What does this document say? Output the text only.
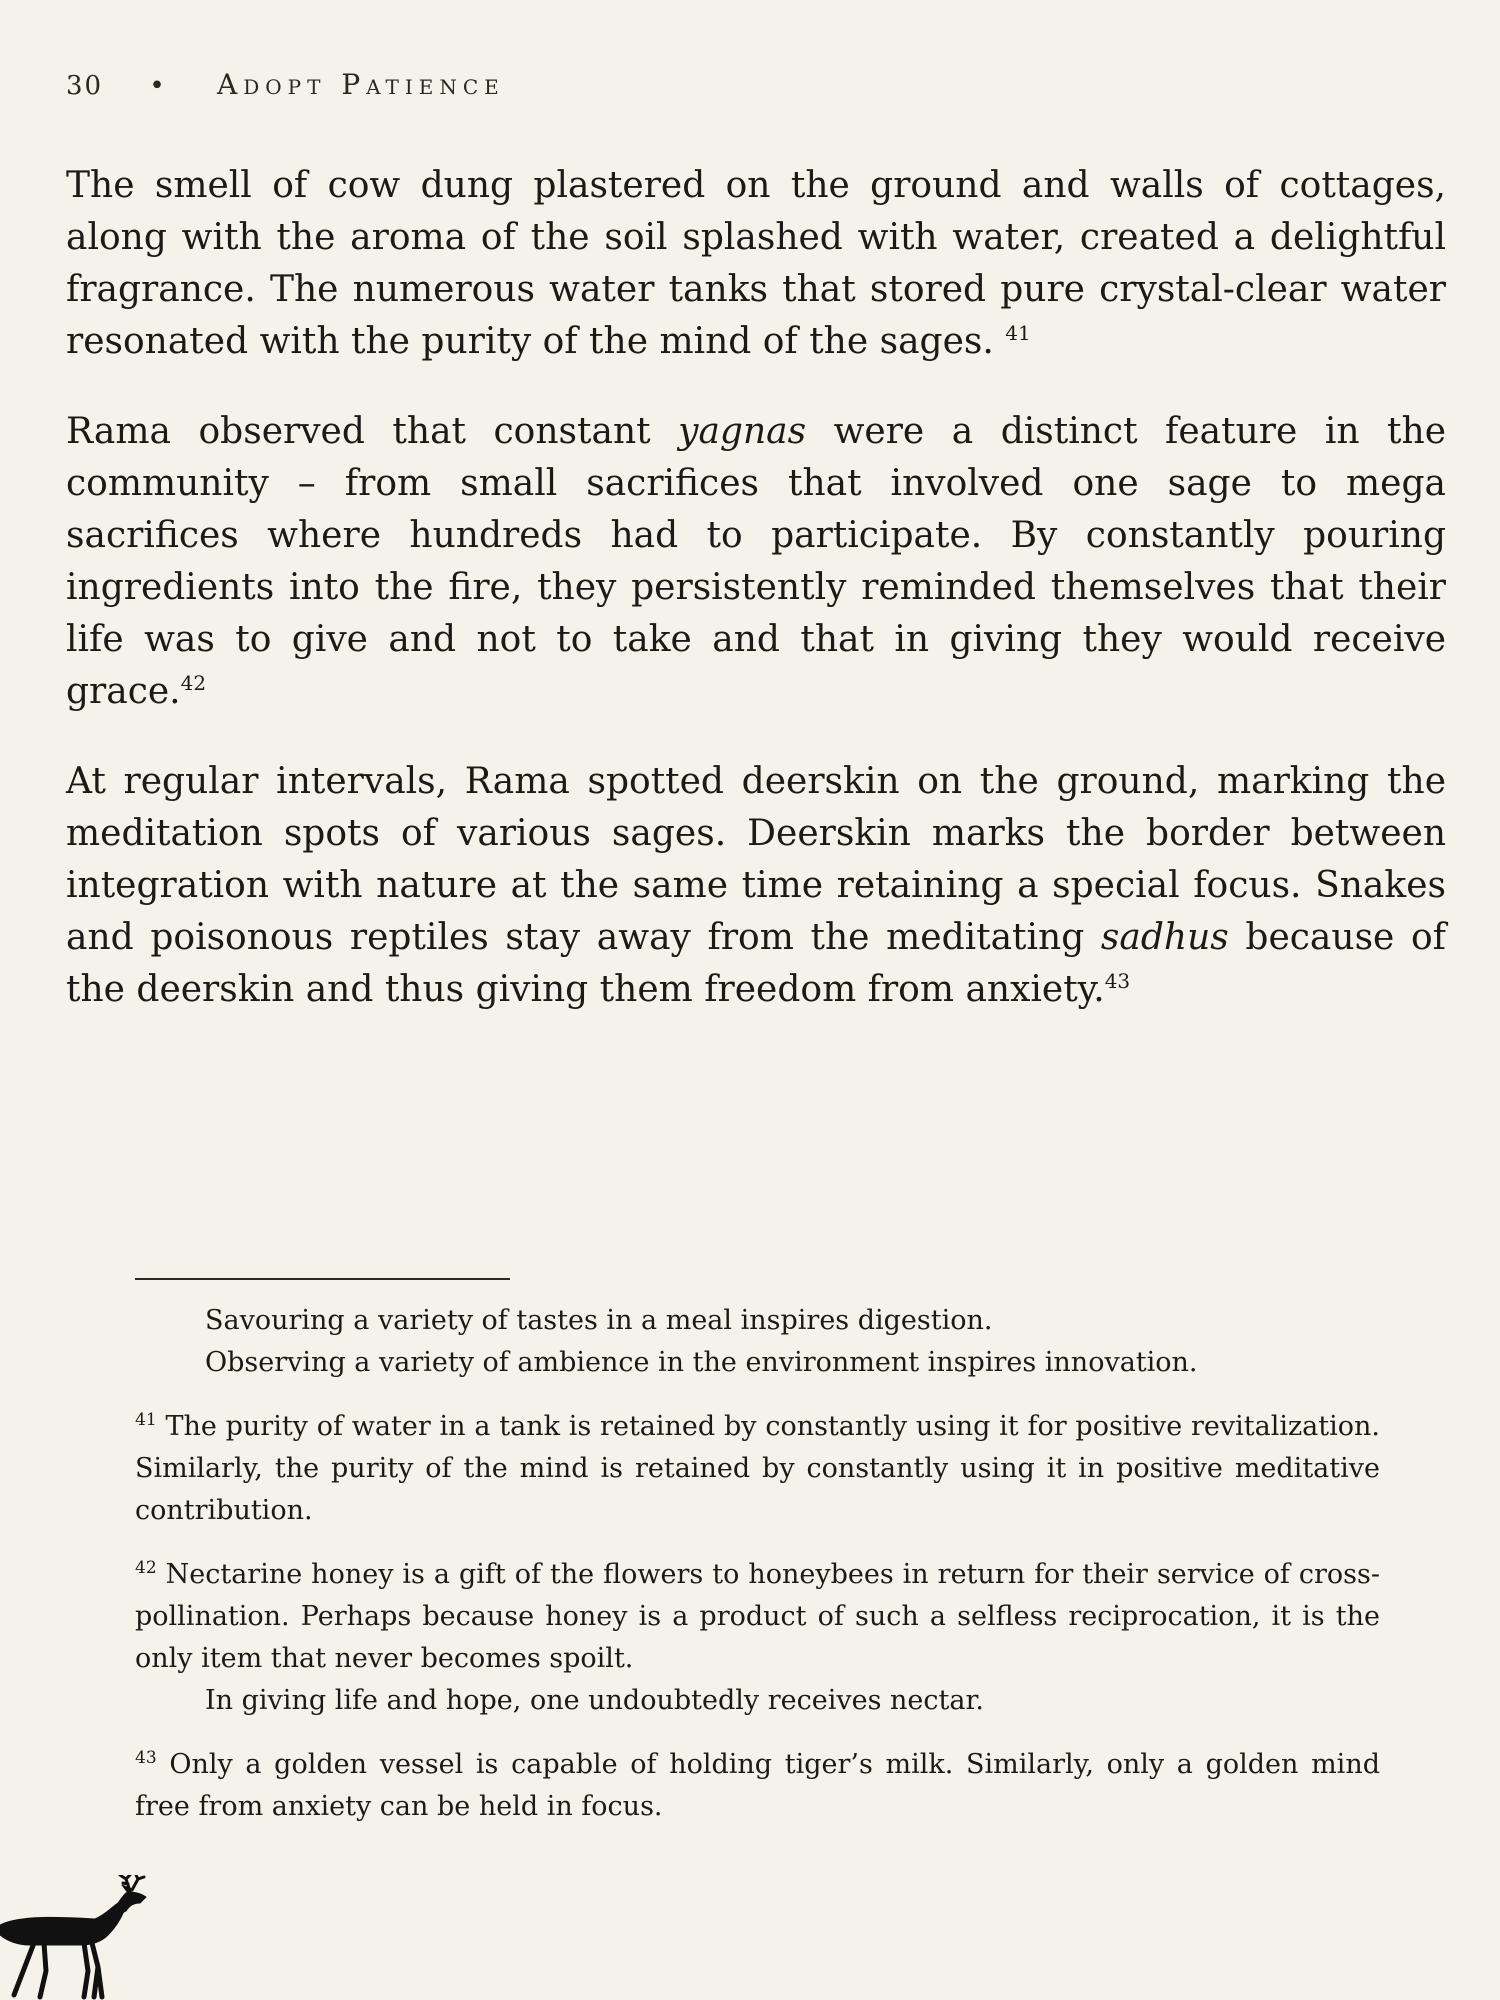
30 • Adopt Patience

The smell of cow dung plastered on the ground and walls of cottages, along with the aroma of the soil splashed with water, created a delightful fragrance. The numerous water tanks that stored pure crystal-clear water resonated with the purity of the mind of the sages. $^{41}$

Rama observed that constant yagnas were a distinct feature in the community – from small sacrifices that involved one sage to mega sacrifices where hundreds had to participate. By constantly pouring ingredients into the fire, they persistently reminded themselves that their life was to give and not to take and that in giving they would receive grace.$^{42}$

At regular intervals, Rama spotted deerskin on the ground, marking the meditation spots of various sages. Deerskin marks the border between integration with nature at the same time retaining a special focus. Snakes and poisonous reptiles stay away from the meditating sadhus because of the deerskin and thus giving them freedom from anxiety.$^{43}$

Savouring a variety of tastes in a meal inspires digestion.

Observing a variety of ambience in the environment inspires innovation.

$^{41}$ The purity of water in a tank is retained by constantly using it for positive revitalization. Similarly, the purity of the mind is retained by constantly using it in positive meditative contribution.

$^{42}$ Nectarine honey is a gift of the flowers to honeybees in return for their service of cross-pollination. Perhaps because honey is a product of such a selfless reciprocation, it is the only item that never becomes spoilt.

In giving life and hope, one undoubtedly receives nectar.

$^{43}$ Only a golden vessel is capable of holding tiger’s milk. Similarly, only a golden mind free from anxiety can be held in focus.
